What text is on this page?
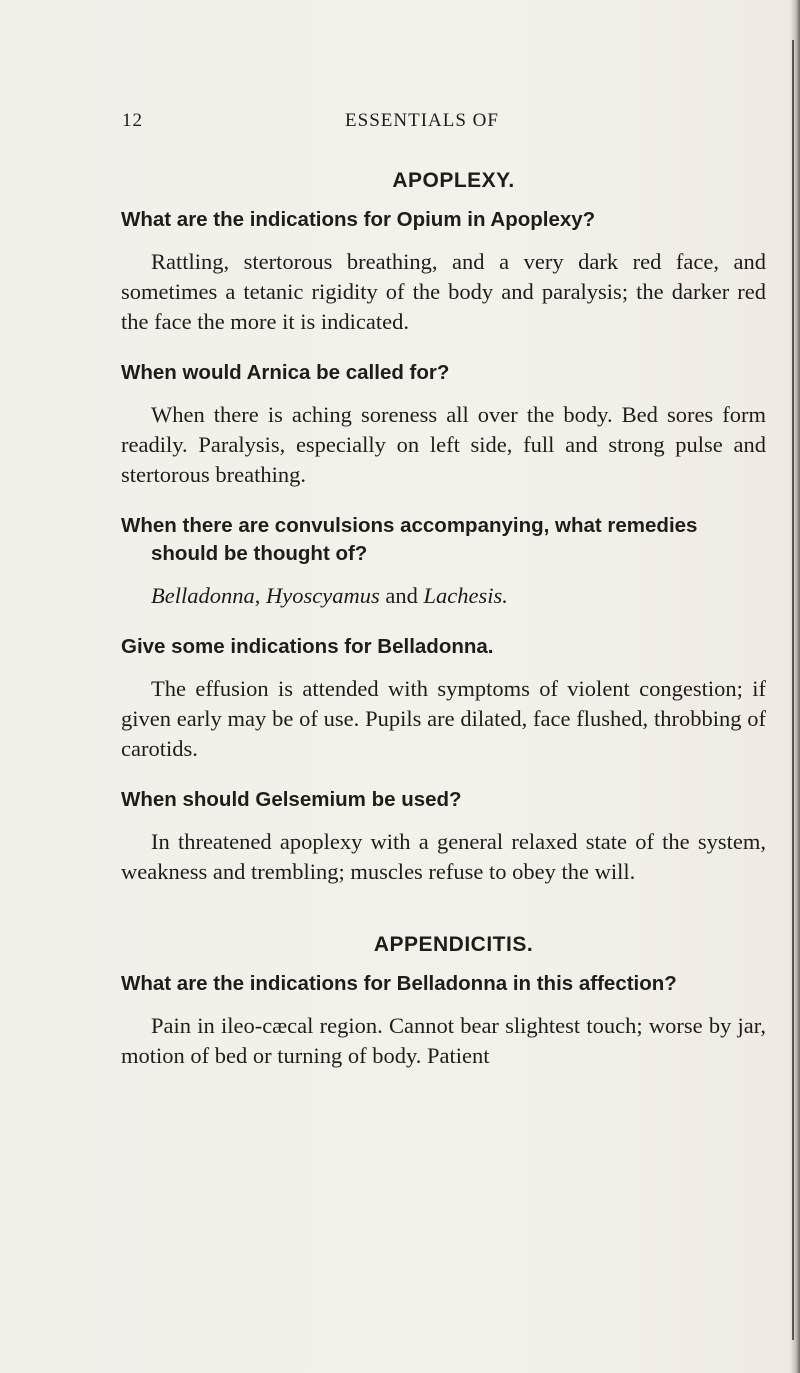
12	ESSENTIALS OF
APOPLEXY.

What are the indications for Opium in Apoplexy?

Rattling, stertorous breathing, and a very dark red face, and sometimes a tetanic rigidity of the body and paralysis; the darker red the face the more it is indicated.

When would Arnica be called for?

When there is aching soreness all over the body. Bed sores form readily. Paralysis, especially on left side, full and strong pulse and stertorous breathing.

When there are convulsions accompanying, what remedies should be thought of?

Belladonna, Hyoscyamus and Lachesis.

Give some indications for Belladonna.

The effusion is attended with symptoms of violent congestion; if given early may be of use. Pupils are dilated, face flushed, throbbing of carotids.

When should Gelsemium be used?

In threatened apoplexy with a general relaxed state of the system, weakness and trembling; muscles refuse to obey the will.

APPENDICITIS.

What are the indications for Belladonna in this affection?

Pain in ileo-cæcal region. Cannot bear slightest touch; worse by jar, motion of bed or turning of body. Patient
